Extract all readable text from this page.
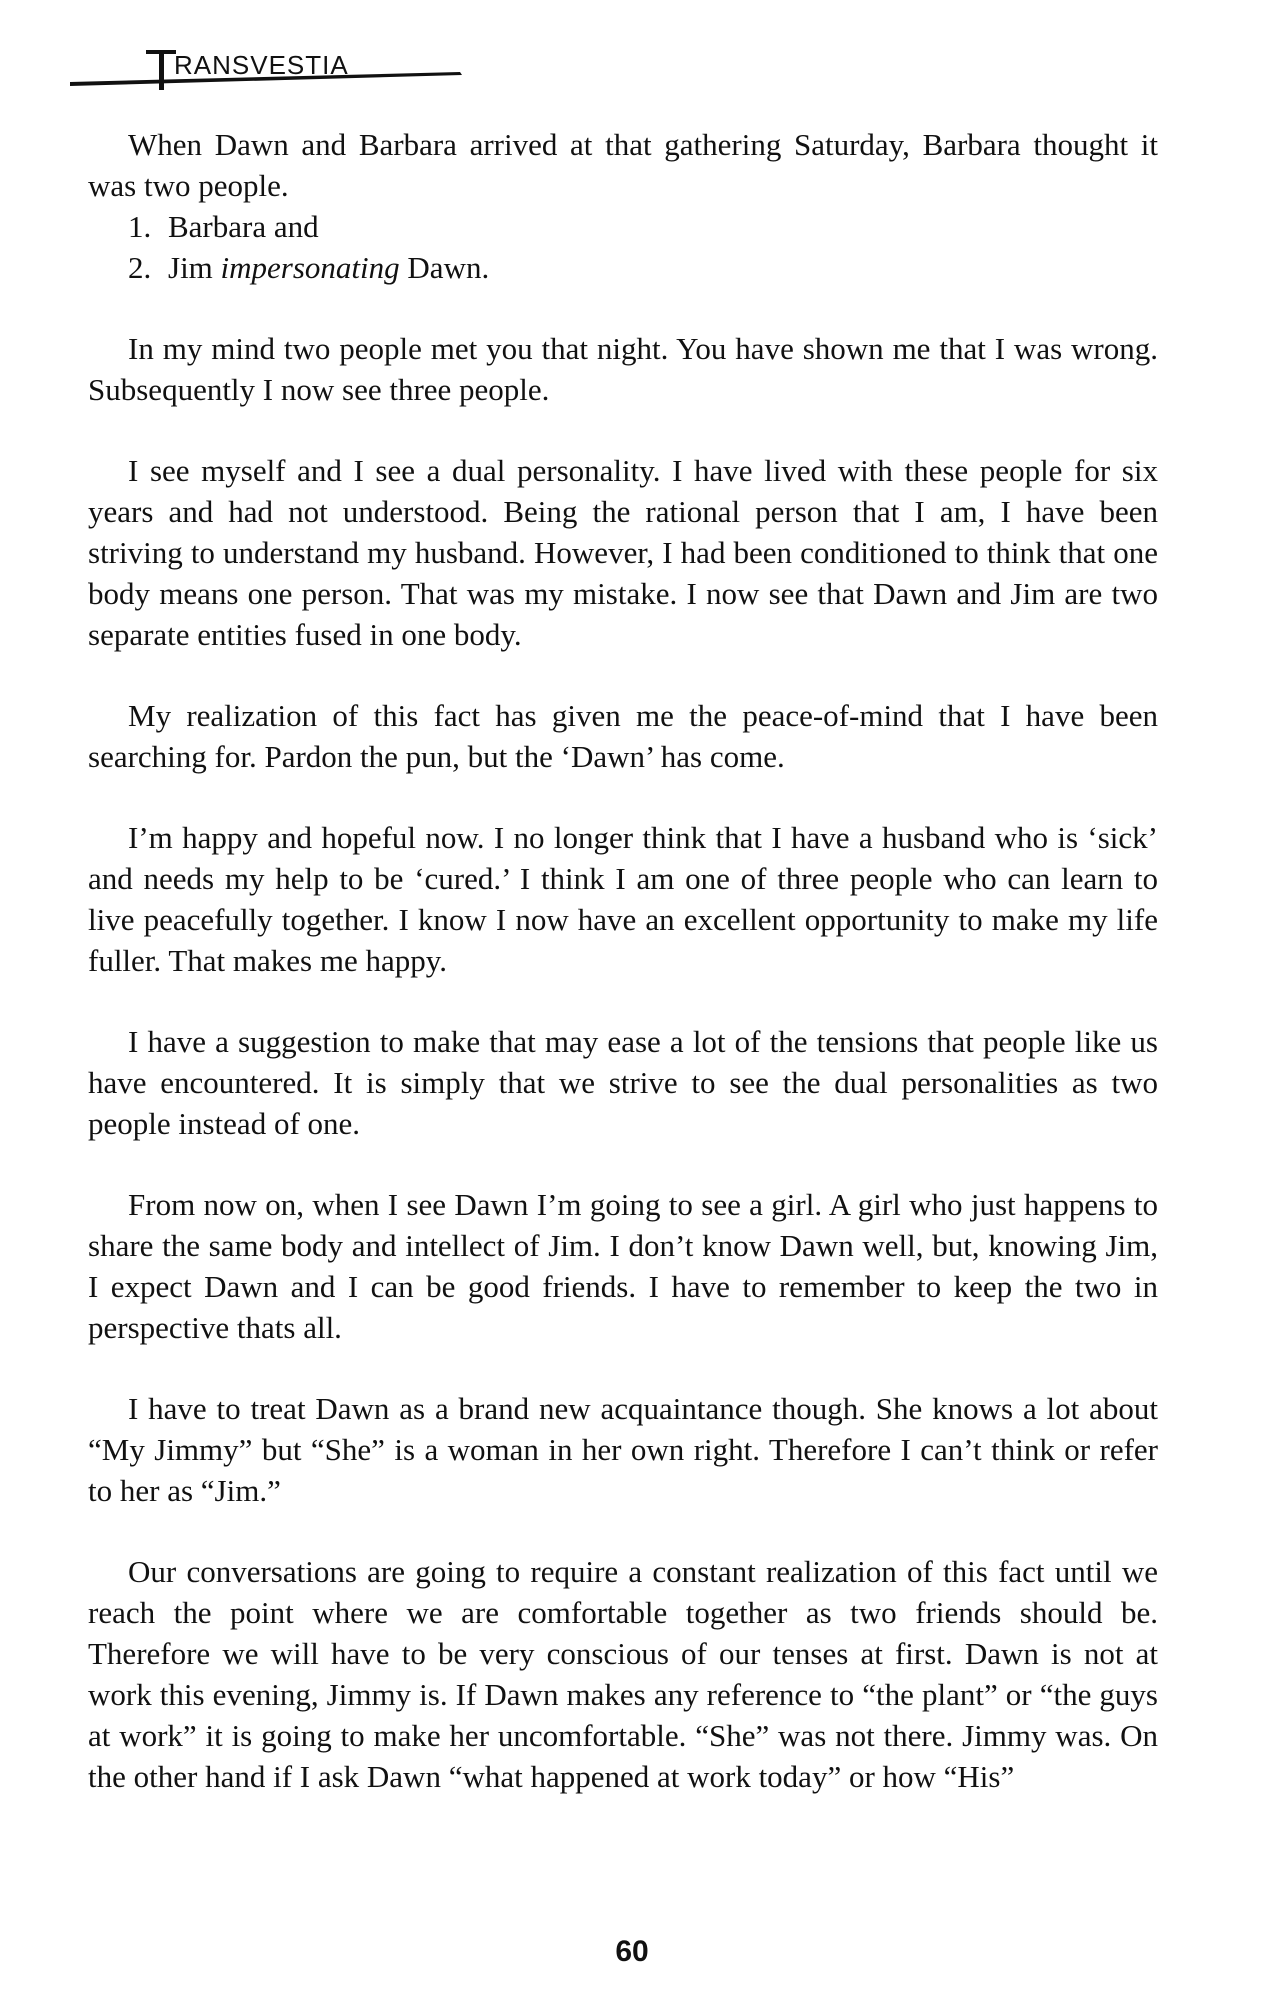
RANSVESTIA

When Dawn and Barbara arrived at that gathering Saturday, Barbara thought it was two people.

1. Barbara and
2. Jim impersonating Dawn.

In my mind two people met you that night. You have shown me that I was wrong. Subsequently I now see three people.

I see myself and I see a dual personality. I have lived with these people for six years and had not understood. Being the rational person that I am, I have been striving to understand my husband. However, I had been conditioned to think that one body means one person. That was my mistake. I now see that Dawn and Jim are two separate entities fused in one body.

My realization of this fact has given me the peace-of-mind that I have been searching for. Pardon the pun, but the ‘Dawn’ has come.

I’m happy and hopeful now. I no longer think that I have a husband who is ‘sick’ and needs my help to be ‘cured.’ I think I am one of three people who can learn to live peacefully together. I know I now have an excellent opportunity to make my life fuller. That makes me happy.

I have a suggestion to make that may ease a lot of the tensions that people like us have encountered. It is simply that we strive to see the dual personalities as two people instead of one.

From now on, when I see Dawn I’m going to see a girl. A girl who just happens to share the same body and intellect of Jim. I don’t know Dawn well, but, knowing Jim, I expect Dawn and I can be good friends. I have to remember to keep the two in perspective thats all.

I have to treat Dawn as a brand new acquaintance though. She knows a lot about “My Jimmy” but “She” is a woman in her own right. Therefore I can’t think or refer to her as “Jim.”

Our conversations are going to require a constant realization of this fact until we reach the point where we are comfortable together as two friends should be. Therefore we will have to be very conscious of our tenses at first. Dawn is not at work this evening, Jimmy is. If Dawn makes any reference to “the plant” or “the guys at work” it is going to make her uncomfortable. “She” was not there. Jimmy was. On the other hand if I ask Dawn “what happened at work today” or how “His”

60
